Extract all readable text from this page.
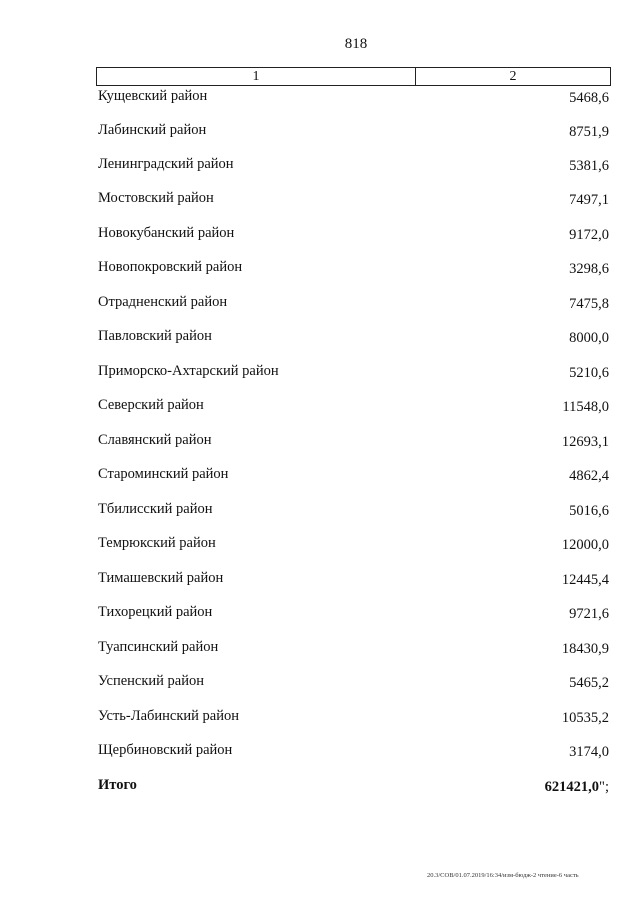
818
1	2
Кущевский район	5468,6
Лабинский район	8751,9
Ленинградский район	5381,6
Мостовский район	7497,1
Новокубанский район	9172,0
Новопокровский район	3298,6
Отрадненский район	7475,8
Павловский район	8000,0
Приморско-Ахтарский район	5210,6
Северский район	11548,0
Славянский район	12693,1
Староминский район	4862,4
Тбилисский район	5016,6
Темрюкский район	12000,0
Тимашевский район	12445,4
Тихорецкий район	9721,6
Туапсинский район	18430,9
Успенский район	5465,2
Усть-Лабинский район	10535,2
Щербиновский район	3174,0
Итого	621421,0";
20.3/СОВ/01.07.2019/16:34/изм-бюдж-2 чтение-6 часть
